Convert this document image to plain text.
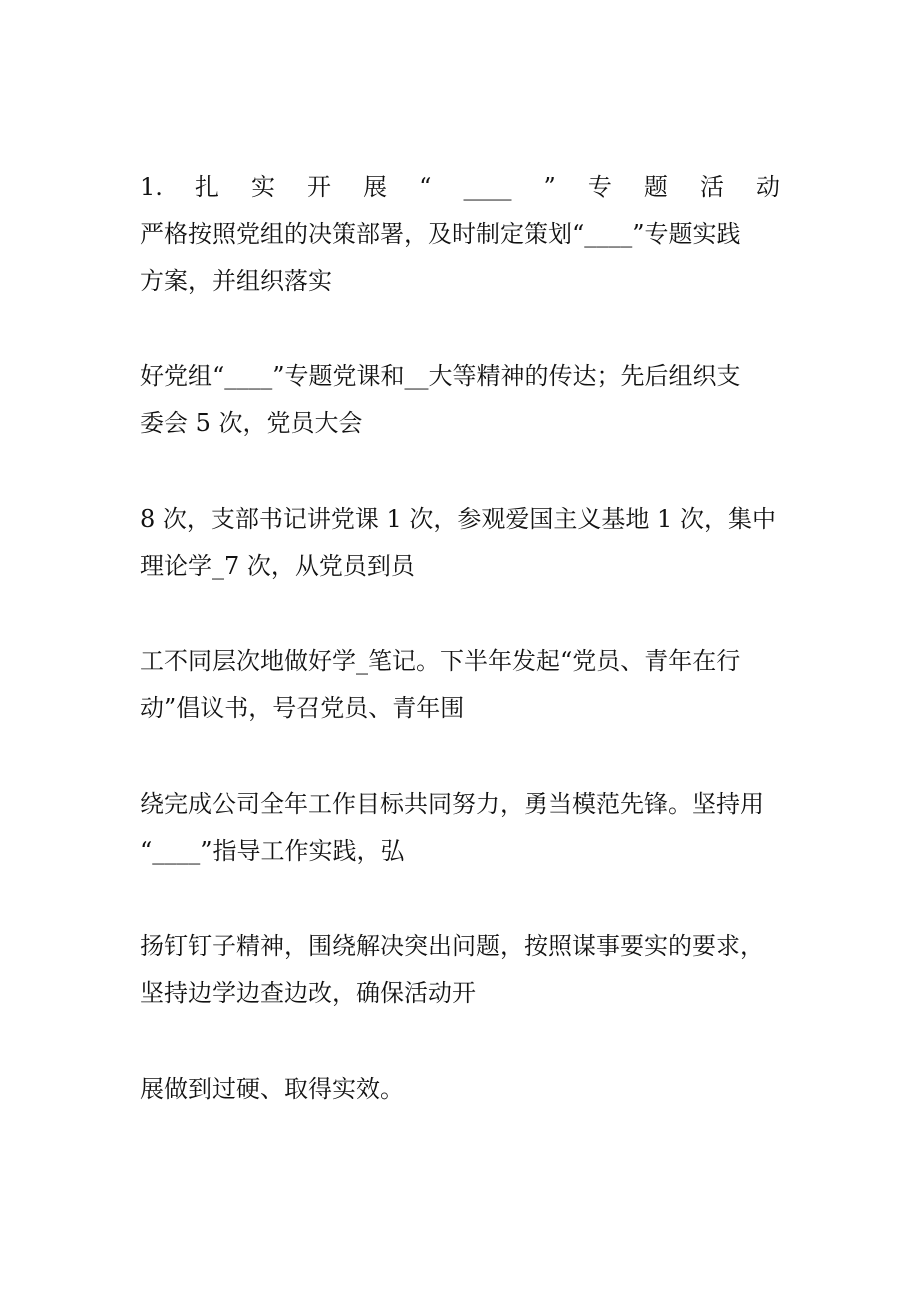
1. 扎 实 开 展 “ ____ ” 专 题 活 动
严格按照党组的决策部署，及时制定策划“____”专题实践
方案，并组织落实
好党组“____”专题党课和__大等精神的传达；先后组织支
委会 5 次，党员大会
8 次，支部书记讲党课 1 次，参观爱国主义基地 1 次，集中
理论学_7 次，从党员到员
工不同层次地做好学_笔记。下半年发起“党员、青年在行
动”倡议书，号召党员、青年围
绕完成公司全年工作目标共同努力，勇当模范先锋。坚持用
“____”指导工作实践，弘
扬钉钉子精神，围绕解决突出问题，按照谋事要实的要求，
坚持边学边查边改，确保活动开
展做到过硬、取得实效。
